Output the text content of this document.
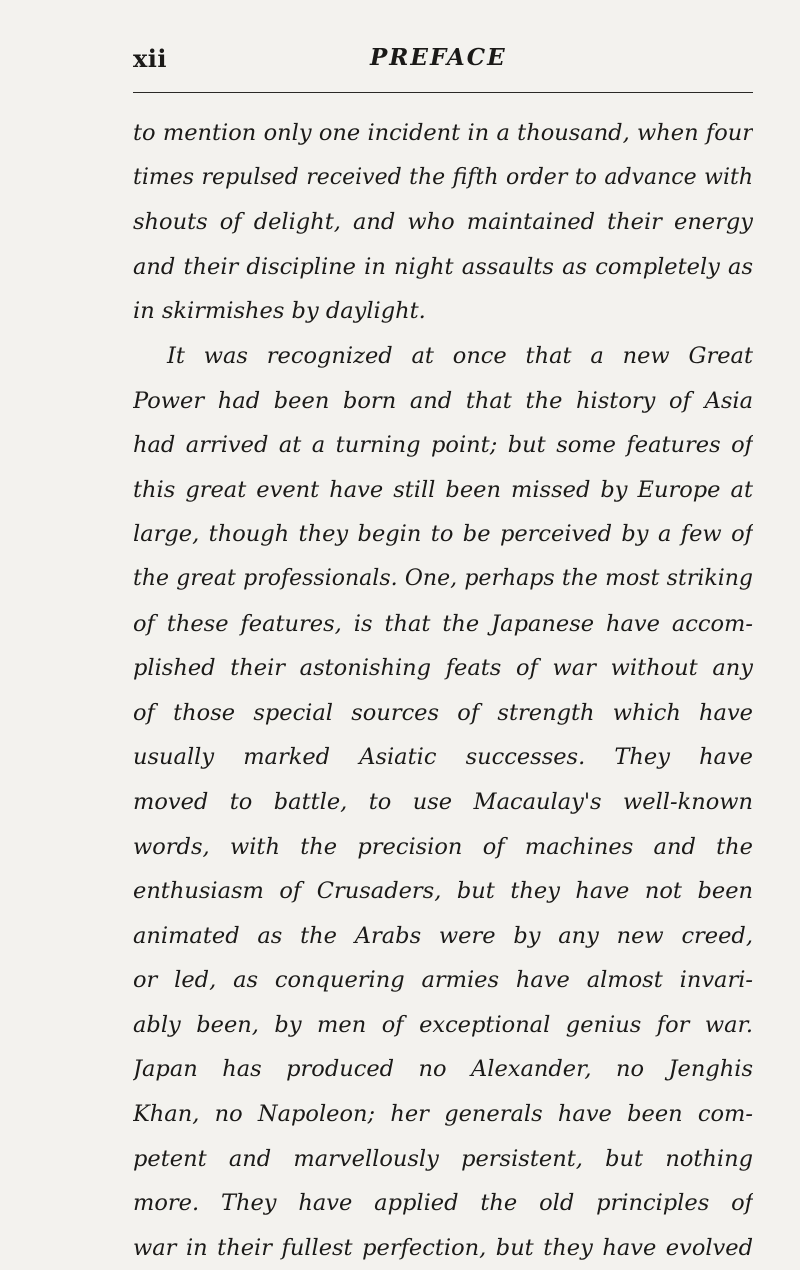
xii	PREFACE
to mention only one incident in a thousand, when four
times repulsed received the fifth order to advance with
shouts of delight, and who maintained their energy
and their discipline in night assaults as completely as
in skirmishes by daylight.
It was recognized at once that a new Great
Power had been born and that the history of Asia
had arrived at a turning point; but some features of
this great event have still been missed by Europe at
large, though they begin to be perceived by a few of
the great professionals. One, perhaps the most striking
of these features, is that the Japanese have accom-
plished their astonishing feats of war without any
of those special sources of strength which have
usually marked Asiatic successes. They have
moved to battle, to use Macaulay's well-known
words, with the precision of machines and the
enthusiasm of Crusaders, but they have not been
animated as the Arabs were by any new creed,
or led, as conquering armies have almost invari-
ably been, by men of exceptional genius for war.
Japan has produced no Alexander, no Jenghis
Khan, no Napoleon; her generals have been com-
petent and marvellously persistent, but nothing
more. They have applied the old principles of
war in their fullest perfection, but they have evolved
